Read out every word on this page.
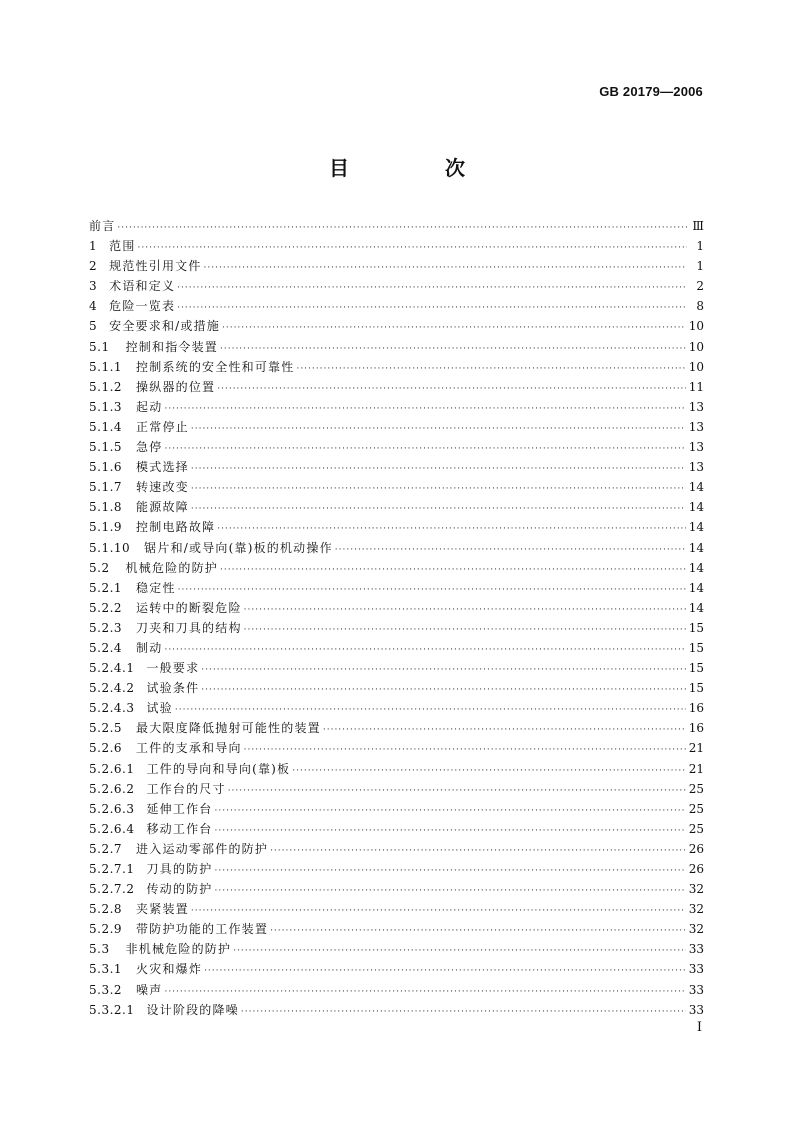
GB 20179—2006
目　次
前言 ·····	Ⅲ
1 范围 ·····	1
2 规范性引用文件 ·····	1
3 术语和定义 ·····	2
4 危险一览表 ·····	8
5 安全要求和/或措施 ·····	10
5.1 控制和指令装置 ·····	10
5.1.1 控制系统的安全性和可靠性 ·····	10
5.1.2 操纵器的位置 ·····	11
5.1.3 起动 ·····	13
5.1.4 正常停止 ·····	13
5.1.5 急停 ·····	13
5.1.6 模式选择 ·····	13
5.1.7 转速改变 ·····	14
5.1.8 能源故障 ·····	14
5.1.9 控制电路故障 ·····	14
5.1.10 锯片和/或导向(靠)板的机动操作 ·····	14
5.2 机械危险的防护 ·····	14
5.2.1 稳定性 ·····	14
5.2.2 运转中的断裂危险 ·····	14
5.2.3 刀夹和刀具的结构 ·····	15
5.2.4 制动 ·····	15
5.2.4.1 一般要求 ·····	15
5.2.4.2 试验条件 ·····	15
5.2.4.3 试验 ·····	16
5.2.5 最大限度降低抛射可能性的装置 ·····	16
5.2.6 工件的支承和导向 ·····	21
5.2.6.1 工件的导向和导向(靠)板 ·····	21
5.2.6.2 工作台的尺寸 ·····	25
5.2.6.3 延伸工作台 ·····	25
5.2.6.4 移动工作台 ·····	25
5.2.7 进入运动零部件的防护 ·····	26
5.2.7.1 刀具的防护 ·····	26
5.2.7.2 传动的防护 ·····	32
5.2.8 夹紧装置 ·····	32
5.2.9 带防护功能的工作装置 ·····	32
5.3 非机械危险的防护 ·····	33
5.3.1 火灾和爆炸 ·····	33
5.3.2 噪声 ·····	33
5.3.2.1 设计阶段的降噪 ·····	33
I
